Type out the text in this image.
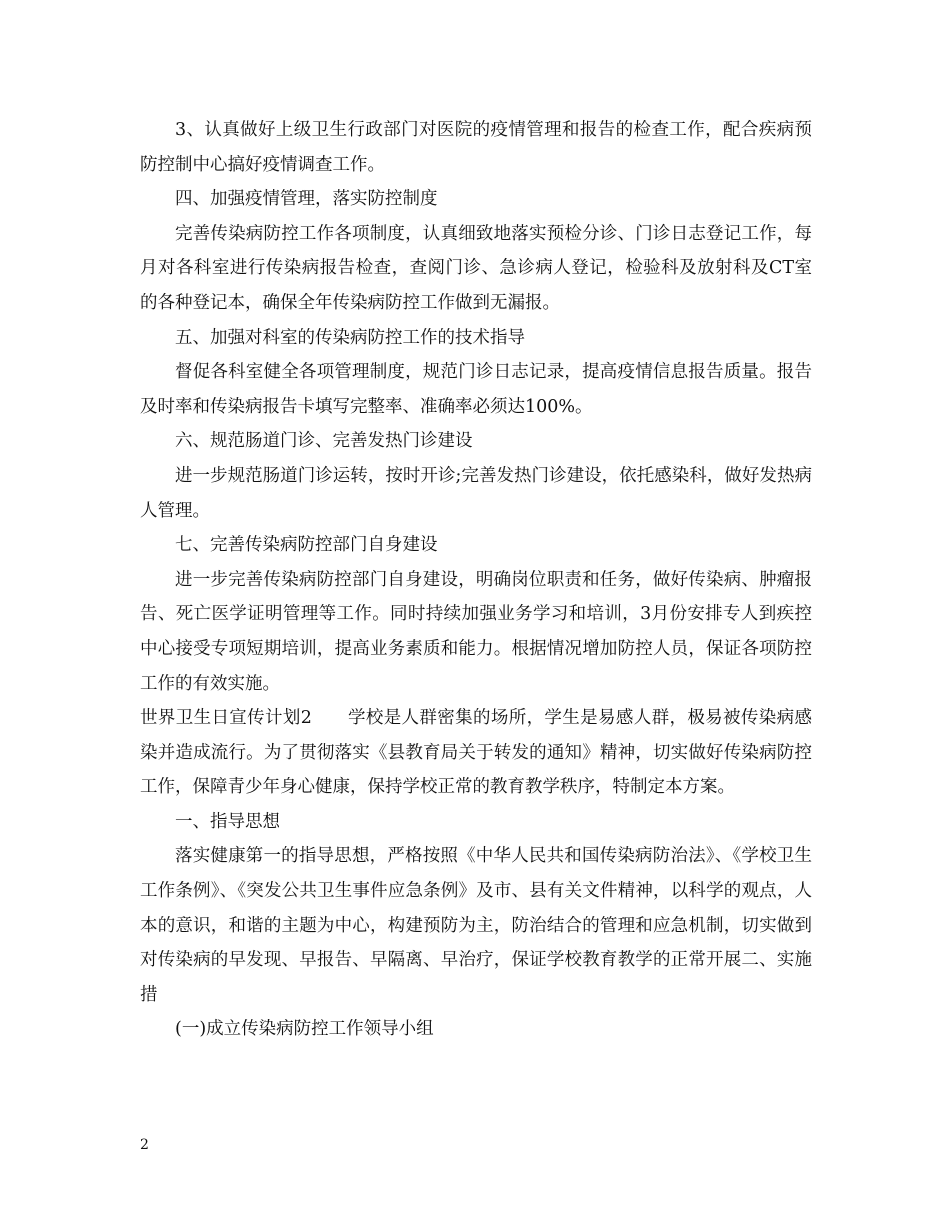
3、认真做好上级卫生行政部门对医院的疫情管理和报告的检查工作，配合疾病预防控制中心搞好疫情调查工作。

四、加强疫情管理，落实防控制度

完善传染病防控工作各项制度，认真细致地落实预检分诊、门诊日志登记工作，每月对各科室进行传染病报告检查，查阅门诊、急诊病人登记，检验科及放射科及CT室的各种登记本，确保全年传染病防控工作做到无漏报。

五、加强对科室的传染病防控工作的技术指导

督促各科室健全各项管理制度，规范门诊日志记录，提高疫情信息报告质量。报告及时率和传染病报告卡填写完整率、准确率必须达100%。

六、规范肠道门诊、完善发热门诊建设

进一步规范肠道门诊运转，按时开诊;完善发热门诊建设，依托感染科，做好发热病人管理。

七、完善传染病防控部门自身建设

进一步完善传染病防控部门自身建设，明确岗位职责和任务，做好传染病、肿瘤报告、死亡医学证明管理等工作。同时持续加强业务学习和培训，3月份安排专人到疾控中心接受专项短期培训，提高业务素质和能力。根据情况增加防控人员，保证各项防控工作的有效实施。

世界卫生日宣传计划2　　学校是人群密集的场所，学生是易感人群，极易被传染病感染并造成流行。为了贯彻落实《县教育局关于转发的通知》精神，切实做好传染病防控工作，保障青少年身心健康，保持学校正常的教育教学秩序，特制定本方案。

一、指导思想

落实健康第一的指导思想，严格按照《中华人民共和国传染病防治法》、《学校卫生工作条例》、《突发公共卫生事件应急条例》及市、县有关文件精神，以科学的观点，人本的意识，和谐的主题为中心，构建预防为主，防治结合的管理和应急机制，切实做到对传染病的早发现、早报告、早隔离、早治疗，保证学校教育教学的正常开展二、实施措

(一)成立传染病防控工作领导小组

2
